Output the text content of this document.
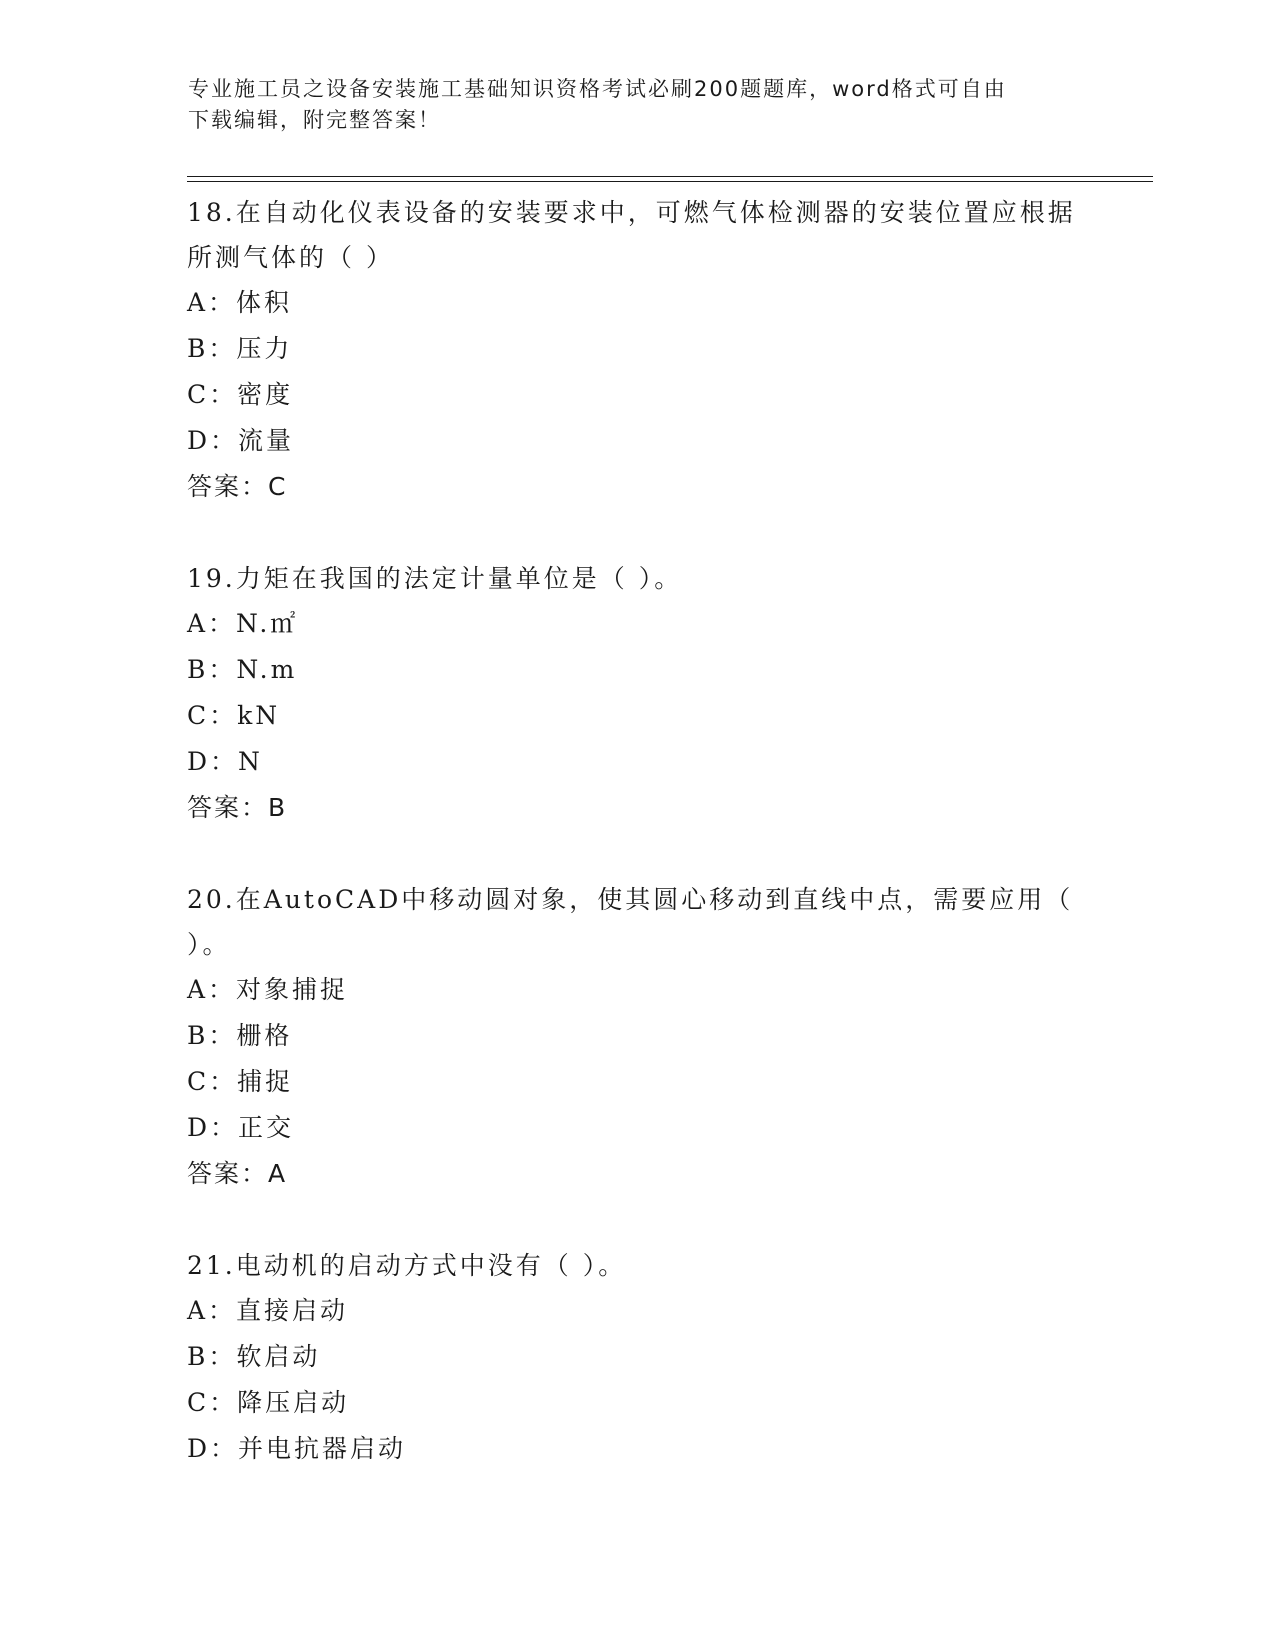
专业施工员之设备安装施工基础知识资格考试必刷200题题库，word格式可自由
下载编辑，附完整答案！

18.在自动化仪表设备的安装要求中，可燃气体检测器的安装位置应根据所测气体的（ ）

A：体积

B：压力

C：密度

D：流量

答案：C

19.力矩在我国的法定计量单位是（ ）。

A：N.㎡

B：N.m

C：kN

D：N

答案：B

20.在AutoCAD中移动圆对象，使其圆心移动到直线中点，需要应用（ ）。

A：对象捕捉

B：栅格

C：捕捉

D：正交

答案：A

21.电动机的启动方式中没有（ ）。

A：直接启动

B：软启动

C：降压启动

D：并电抗器启动
